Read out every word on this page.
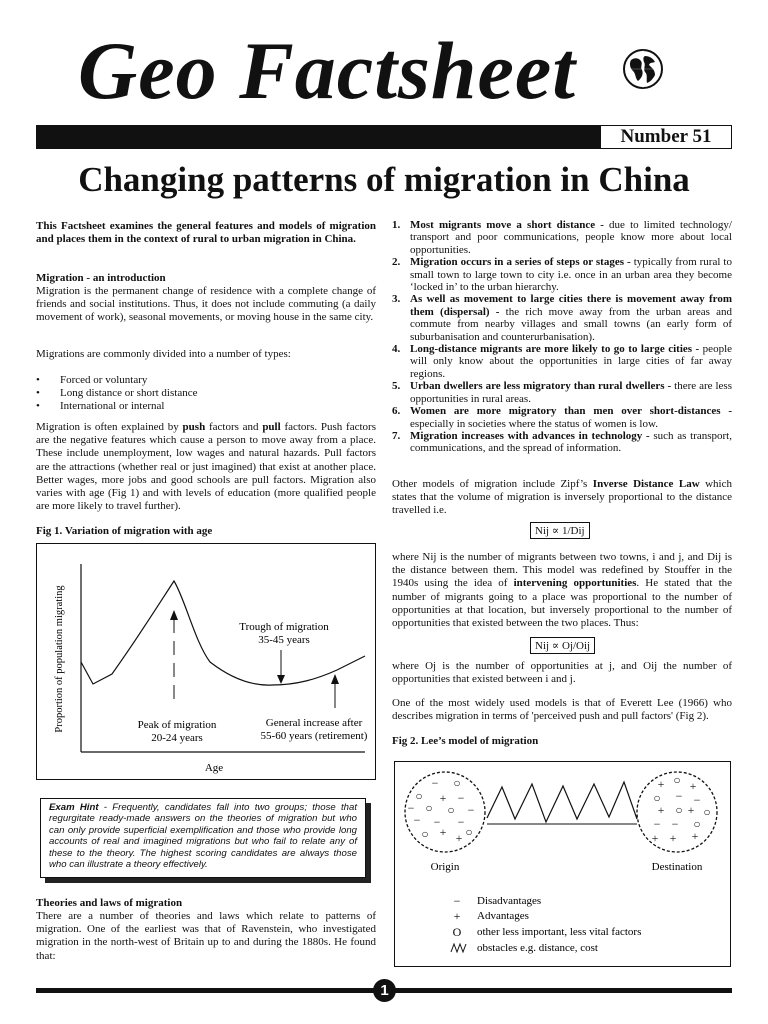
Geo Factsheet
Number 51
Changing patterns of migration in China

This Factsheet examines the general features and models of migration and places them in the context of rural to urban migration in China.

Migration - an introduction

Migration is the permanent change of residence with a complete change of friends and social institutions. Thus, it does not include commuting (a daily movement of work), seasonal movements, or moving house in the same city.

Migrations are commonly divided into a number of types:

• Forced or voluntary
• Long distance or short distance
• International or internal

Migration is often explained by push factors and pull factors. Push factors are the negative features which cause a person to move away from a place. These include unemployment, low wages and natural hazards. Pull factors are the attractions (whether real or just imagined) that exist at another place. Better wages, more jobs and good schools are pull factors. Migration also varies with age (Fig 1) and with levels of education (more qualified people are more likely to travel further).

Fig 1. Variation of migration with age

Peak of migration
20-24 years
Trough of migration
35-45 years
General increase after
55-60 years (retirement)
Age
Proportion of population migrating
Exam Hint - Frequently, candidates fall into two groups; those that regurgitate ready-made answers on the theories of migration but who can only provide superficial exemplification and those who provide long accounts of real and imagined migrations but who fail to relate any of these to the theory. The highest scoring candidates are always those who can illustrate a theory effectively.

Theories and laws of migration

There are a number of theories and laws which relate to patterns of migration. One of the earliest was that of Ravenstein, who investigated migration in the north-west of Britain up to and during the 1880s. He found that:

1. Most migrants move a short distance - due to limited technology/ transport and poor communications, people know more about local opportunities.
2. Migration occurs in a series of steps or stages - typically from rural to small town to large town to city i.e. once in an urban area they become ‘locked in’ to the urban hierarchy.
3. As well as movement to large cities there is movement away from them (dispersal) - the rich move away from the urban areas and commute from nearby villages and small towns (an early form of suburbanisation and counterurbanisation).
4. Long-distance migrants are more likely to go to large cities - people will only know about the opportunities in large cities of far away regions.
5. Urban dwellers are less migratory than rural dwellers - there are less opportunities in rural areas.
6. Women are more migratory than men over short-distances - especially in societies where the status of women is low.
7. Migration increases with advances in technology - such as transport, communications, and the spread of information.

Other models of migration include Zipf’s Inverse Distance Law which states that the volume of migration is inversely proportional to the distance travelled i.e.

Nij ∝ 1/Dij

where Nij is the number of migrants between two towns, i and j, and Dij is the distance between them. This model was redefined by Stouffer in the 1940s using the idea of intervening opportunities. He stated that the number of migrants going to a place was proportional to the number of opportunities at that location, but inversely proportional to the number of opportunities that existed between the two places. Thus:

Nij ∝ Oj/Oij

where Oj is the number of opportunities at j, and Oij the number of opportunities that existed between i and j.

One of the most widely used models is that of Everett Lee (1966) who describes migration in terms of 'perceived push and pull factors' (Fig 2).

Fig 2. Lee’s model of migration

− ○
○ + −
− ○ ○ −
− − −
○ + + ○
+ ○ +
○ − −
+ ○ + ○
− − ○
+ + +
Origin	Destination
− Disadvantages
+ Advantages
O other less important, less vital factors
obstacles e.g. distance, cost
1
